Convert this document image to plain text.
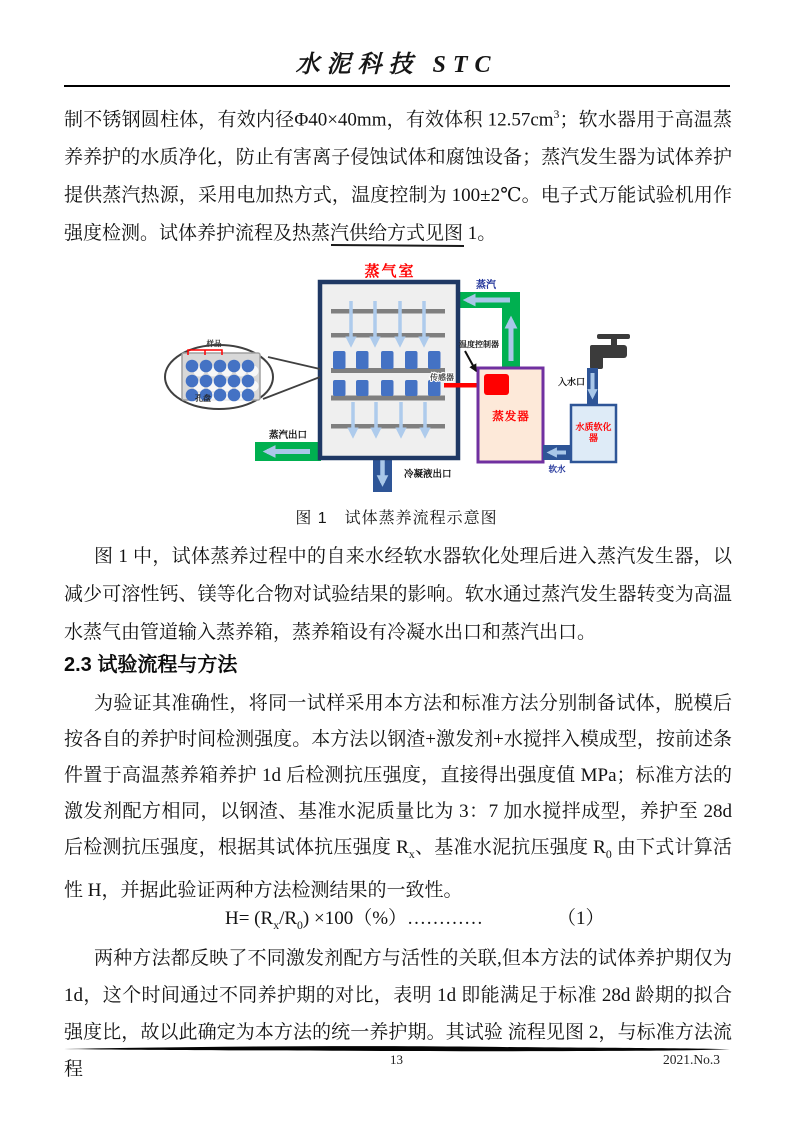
水泥科技 STC

制不锈钢圆柱体，有效内径Φ40×40mm，有效体积 $12.57cm^3$；软水器用于高温蒸养养护的水质净化，防止有害离子侵蚀试体和腐蚀设备；蒸汽发生器为试体养护提供蒸汽热源，采用电加热方式，温度控制为 100±2℃。电子式万能试验机用作强度检测。试体养护流程及热蒸汽供给方式见图 1。

蒸气室
蒸汽
蒸汽出口
冷凝液出口
传感器
蒸发器
温度控制器
入水口
水质软化
器
软水
样品
孔盘
图 1　试体蒸养流程示意图

图 1 中，试体蒸养过程中的自来水经软水器软化处理后进入蒸汽发生器，以减少可溶性钙、镁等化合物对试验结果的影响。软水通过蒸汽发生器转变为高温水蒸气由管道输入蒸养箱，蒸养箱设有冷凝水出口和蒸汽出口。

2.3 试验流程与方法

为验证其准确性，将同一试样采用本方法和标准方法分别制备试体，脱模后按各自的养护时间检测强度。本方法以钢渣+激发剂+水搅拌入模成型，按前述条件置于高温蒸养箱养护 1d 后检测抗压强度，直接得出强度值 MPa；标准方法的激发剂配方相同，以钢渣、基准水泥质量比为 3：7 加水搅拌成型，养护至 28d 后检测抗压强度，根据其试体抗压强度 $R_x$、基准水泥抗压强度 $R_0$ 由下式计算活性 H，并据此验证两种方法检测结果的一致性。

$H= (R_x/R_0)$ ×100（%）…………	（1）

两种方法都反映了不同激发剂配方与活性的关联,但本方法的试体养护期仅为 1d，这个时间通过不同养护期的对比，表明 1d 即能满足于标准 28d 龄期的拟合强度比，故以此确定为本方法的统一养护期。其试验 流程见图 2，与标准方法流程	13	2021.No.3
